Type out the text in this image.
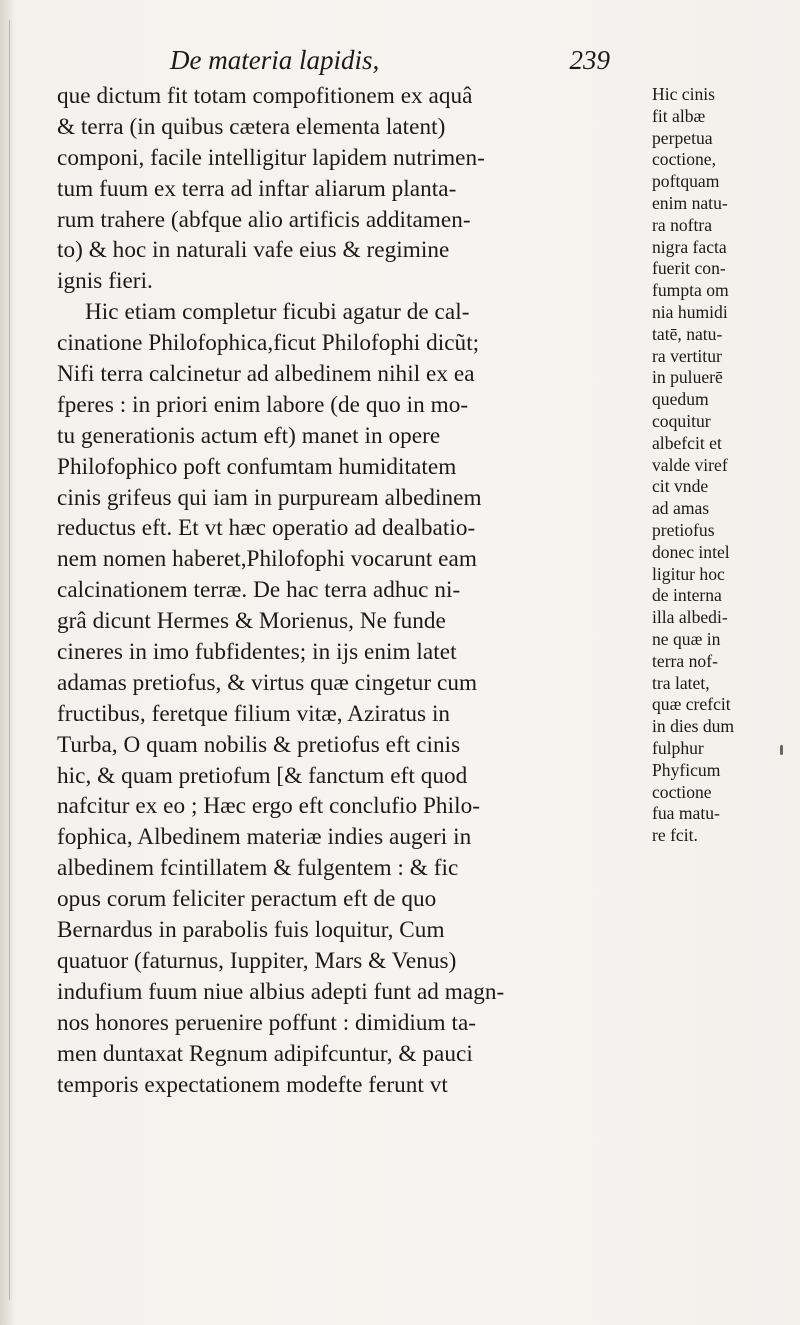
De materia lapidis,	239
que dictum fit totam compofitionem ex aquâ
& terra (in quibus cætera elementa latent)
componi, facile intelligitur lapidem nutrimen-
tum fuum ex terra ad inftar aliarum planta-
rum trahere (abfque alio artificis additamen-
to) & hoc in naturali vafe eius & regimine
ignis fieri.
Hic etiam completur ficubi agatur de cal-
cinatione Philofophica,ficut Philofophi dicũt;
Nifi terra calcinetur ad albedinem nihil ex ea
fperes : in priori enim labore (de quo in mo-
tu generationis actum eft) manet in opere
Philofophico poft confumtam humiditatem
cinis grifeus qui iam in purpuream albedinem
reductus eft. Et vt hæc operatio ad dealbatio-
nem nomen haberet,Philofophi vocarunt eam
calcinationem terræ. De hac terra adhuc ni-
grâ dicunt Hermes & Morienus, Ne funde
cineres in imo fubfidentes; in ijs enim latet
adamas pretiofus, & virtus quæ cingetur cum
fructibus, feretque filium vitæ, Aziratus in
Turba, O quam nobilis & pretiofus eft cinis
hic, & quam pretiofum [& fanctum eft quod
nafcitur ex eo ; Hæc ergo eft conclufio Philo-
fophica, Albedinem materiæ indies augeri in
albedinem fcintillatem & fulgentem : & fic
opus corum feliciter peractum eft de quo
Bernardus in parabolis fuis loquitur, Cum
quatuor (faturnus, Iuppiter, Mars & Venus)
indufium fuum niue albius adepti funt ad magn-
nos honores peruenire poffunt : dimidium ta-
men duntaxat Regnum adipifcuntur, & pauci
temporis expectationem modefte ferunt vt
Hic cinis
fit albæ
perpetua
coctione,
poftquam
enim natu-
ra noftra
nigra facta
fuerit con-
fumpta om
nia humidi
tatē, natu-
ra vertitur
in puluerē
quedum
coquitur
albefcit et
valde viref
cit vnde
ad amas
pretiofus
donec intel
ligitur hoc
de interna
illa albedi-
ne quæ in
terra nof-
tra latet,
quæ crefcit
in dies dum
fulphur
Phyficum
coctione
fua matu-
re fcit.
